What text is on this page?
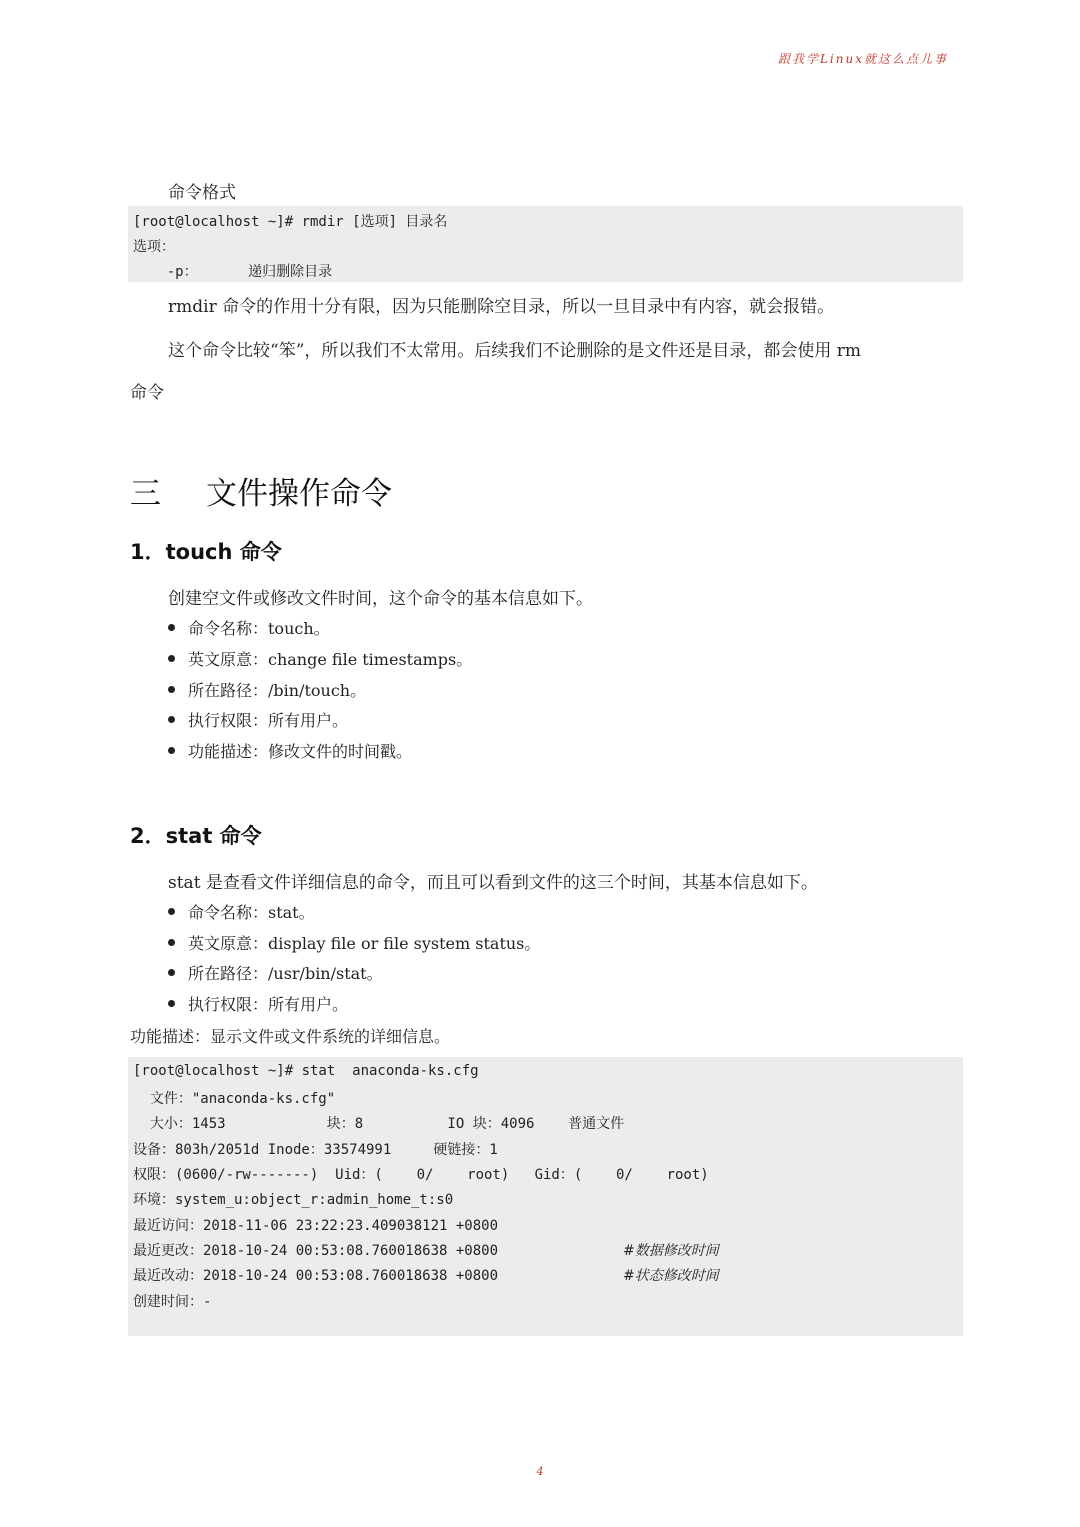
跟我学Linux就这么点儿事
命令格式
[root@localhost ~]# rmdir [选项] 目录名
选项：
-p：      递归删除目录
rmdir 命令的作用十分有限，因为只能删除空目录，所以一旦目录中有内容，就会报错。
这个命令比较“笨”，所以我们不太常用。后续我们不论删除的是文件还是目录，都会使用 rm
命令
三 文件操作命令
1．touch 命令
创建空文件或修改文件时间，这个命令的基本信息如下。
命令名称：touch。
英文原意：change file timestamps。
所在路径：/bin/touch。
执行权限：所有用户。
功能描述：修改文件的时间戳。
2．stat 命令
stat 是查看文件详细信息的命令，而且可以看到文件的这三个时间，其基本信息如下。
命令名称：stat。
英文原意：display file or file system status。
所在路径：/usr/bin/stat。
执行权限：所有用户。
功能描述：显示文件或文件系统的详细信息。
[root@localhost ~]# stat  anaconda-ks.cfg
文件："anaconda-ks.cfg"
大小：1453            块：8          IO 块：4096    普通文件
设备：803h/2051d Inode：33574991     硬链接：1
权限：(0600/-rw-------)  Uid：(    0/    root)   Gid：(    0/    root)
环境：system_u:object_r:admin_home_t:s0
最近访问：2018-11-06 23:22:23.409038121 +0800
最近更改：2018-10-24 00:53:08.760018638 +0800	#数据修改时间
最近改动：2018-10-24 00:53:08.760018638 +0800	#状态修改时间
创建时间：-
4
